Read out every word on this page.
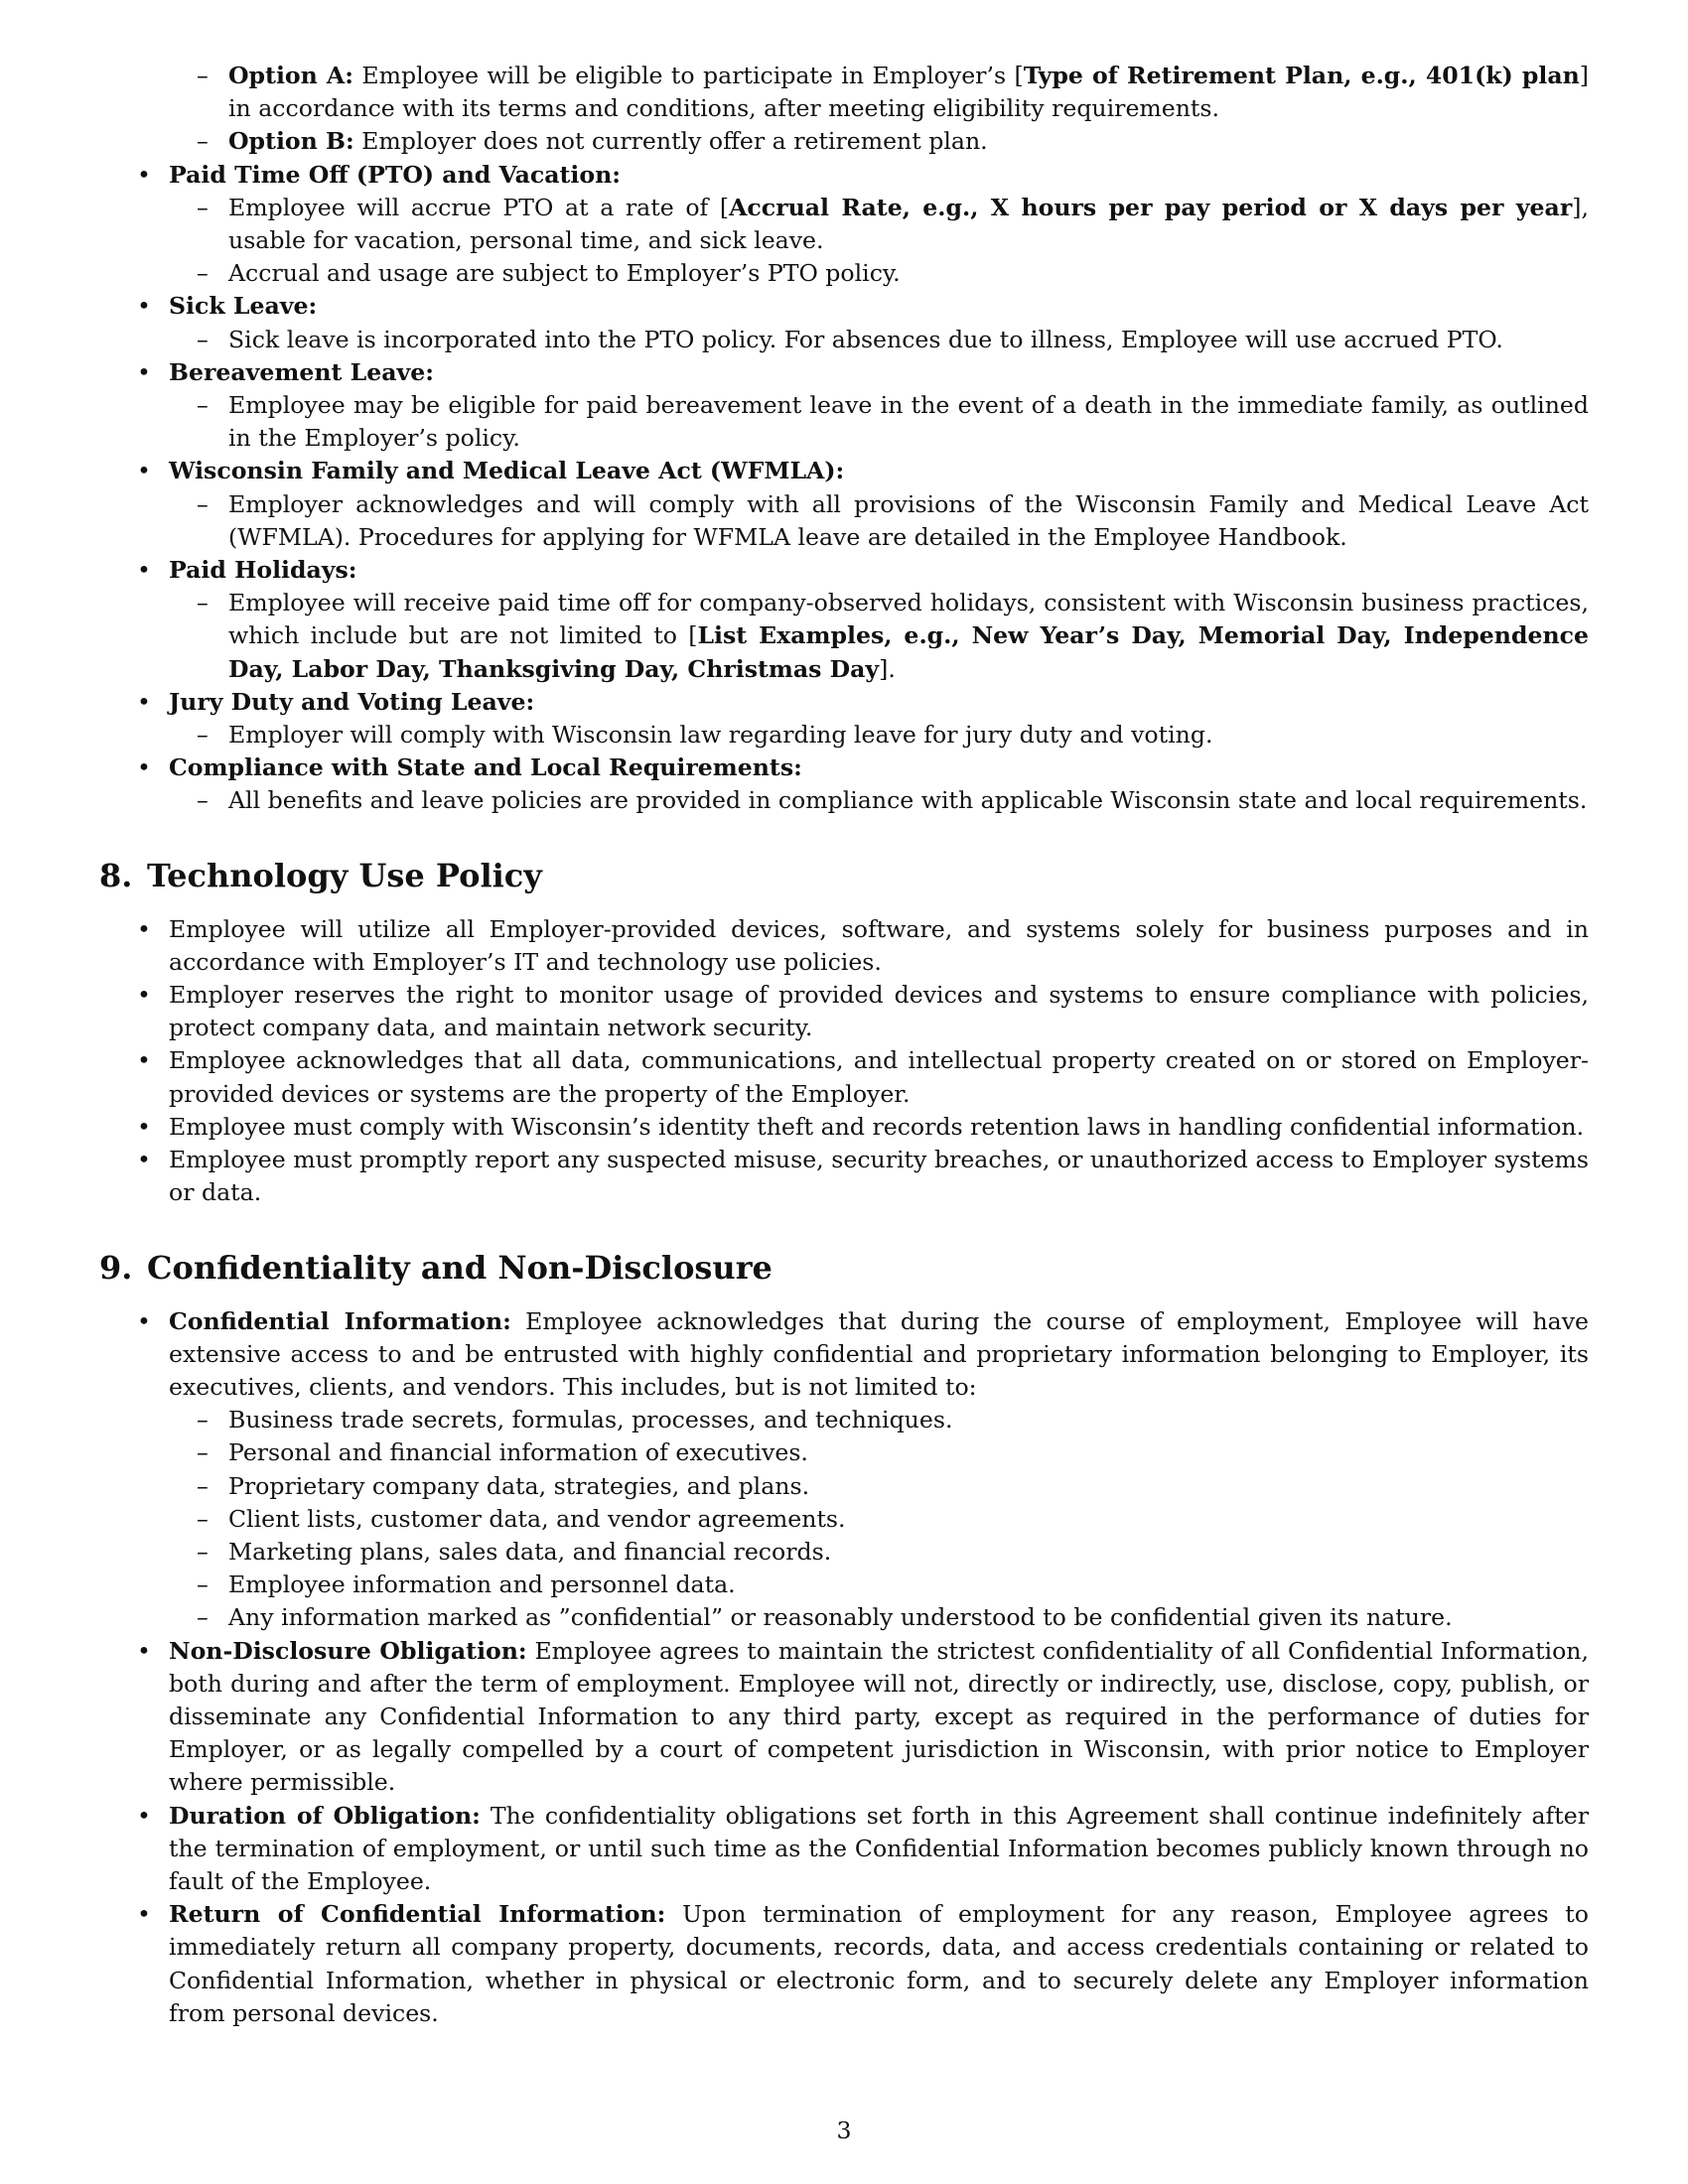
– Option A: Employee will be eligible to participate in Employer’s [Type of Retirement Plan, e.g., 401(k) plan] in accordance with its terms and conditions, after meeting eligibility requirements.
– Option B: Employer does not currently offer a retirement plan.
• Paid Time Off (PTO) and Vacation:
– Employee will accrue PTO at a rate of [Accrual Rate, e.g., X hours per pay period or X days per year], usable for vacation, personal time, and sick leave.
– Accrual and usage are subject to Employer’s PTO policy.
• Sick Leave:
– Sick leave is incorporated into the PTO policy. For absences due to illness, Employee will use accrued PTO.
• Bereavement Leave:
– Employee may be eligible for paid bereavement leave in the event of a death in the immediate family, as outlined in the Employer’s policy.
• Wisconsin Family and Medical Leave Act (WFMLA):
– Employer acknowledges and will comply with all provisions of the Wisconsin Family and Medical Leave Act (WFMLA). Procedures for applying for WFMLA leave are detailed in the Employee Handbook.
• Paid Holidays:
– Employee will receive paid time off for company-observed holidays, consistent with Wisconsin business practices, which include but are not limited to [List Examples, e.g., New Year’s Day, Memorial Day, Independence Day, Labor Day, Thanksgiving Day, Christmas Day].
• Jury Duty and Voting Leave:
– Employer will comply with Wisconsin law regarding leave for jury duty and voting.
• Compliance with State and Local Requirements:
– All benefits and leave policies are provided in compliance with applicable Wisconsin state and local requirements.
8. Technology Use Policy
• Employee will utilize all Employer-provided devices, software, and systems solely for business purposes and in accordance with Employer’s IT and technology use policies.
• Employer reserves the right to monitor usage of provided devices and systems to ensure compliance with policies, protect company data, and maintain network security.
• Employee acknowledges that all data, communications, and intellectual property created on or stored on Employer-provided devices or systems are the property of the Employer.
• Employee must comply with Wisconsin’s identity theft and records retention laws in handling confidential information.
• Employee must promptly report any suspected misuse, security breaches, or unauthorized access to Employer systems or data.
9. Confidentiality and Non-Disclosure
• Confidential Information: Employee acknowledges that during the course of employment, Employee will have extensive access to and be entrusted with highly confidential and proprietary information belonging to Employer, its executives, clients, and vendors. This includes, but is not limited to:
– Business trade secrets, formulas, processes, and techniques.
– Personal and financial information of executives.
– Proprietary company data, strategies, and plans.
– Client lists, customer data, and vendor agreements.
– Marketing plans, sales data, and financial records.
– Employee information and personnel data.
– Any information marked as ”confidential” or reasonably understood to be confidential given its nature.
• Non-Disclosure Obligation: Employee agrees to maintain the strictest confidentiality of all Confidential Information, both during and after the term of employment. Employee will not, directly or indirectly, use, disclose, copy, publish, or disseminate any Confidential Information to any third party, except as required in the performance of duties for Employer, or as legally compelled by a court of competent jurisdiction in Wisconsin, with prior notice to Employer where permissible.
• Duration of Obligation: The confidentiality obligations set forth in this Agreement shall continue indefinitely after the termination of employment, or until such time as the Confidential Information becomes publicly known through no fault of the Employee.
• Return of Confidential Information: Upon termination of employment for any reason, Employee agrees to immediately return all company property, documents, records, data, and access credentials containing or related to Confidential Information, whether in physical or electronic form, and to securely delete any Employer information from personal devices.
3
